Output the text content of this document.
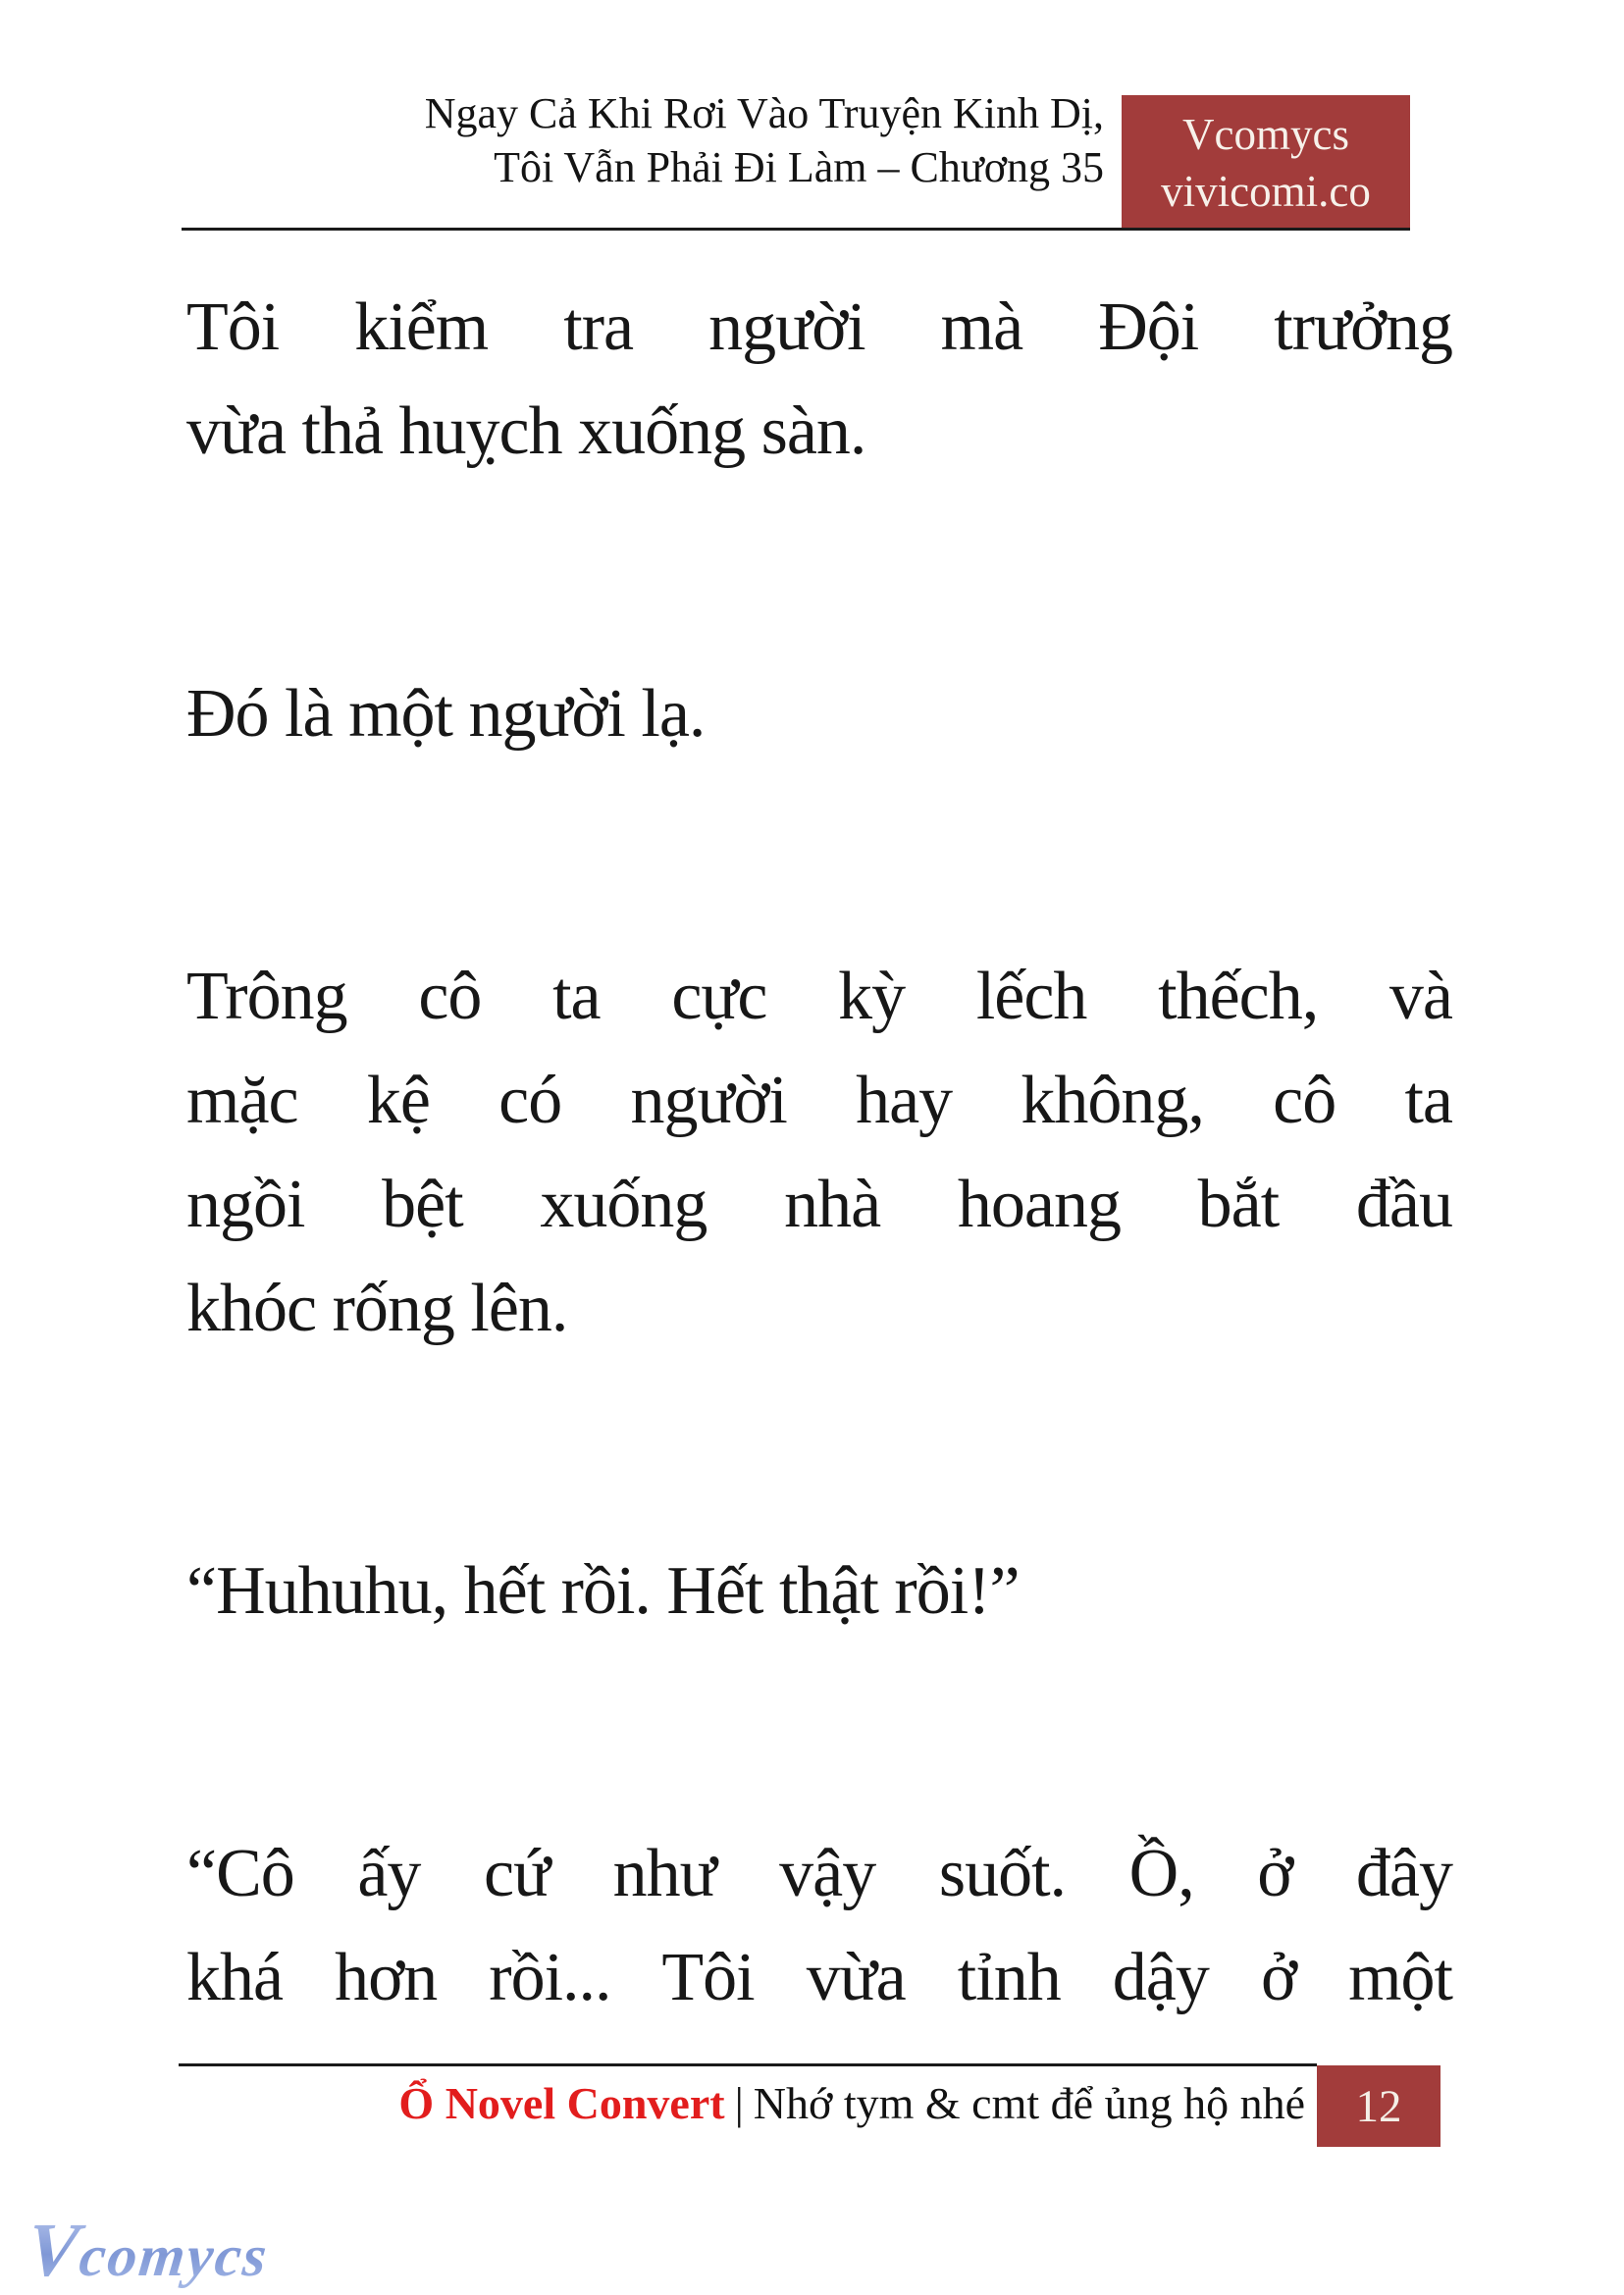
Ngay Cả Khi Rơi Vào Truyện Kinh Dị,
Tôi Vẫn Phải Đi Làm – Chương 35
Vcomycs
vivicomi.co
Tôi kiểm tra người mà Đội trưởng
vừa thả huỵch xuống sàn.
Đó là một người lạ.
Trông cô ta cực kỳ lếch thếch, và
mặc kệ có người hay không, cô ta
ngồi bệt xuống nhà hoang bắt đầu
khóc rống lên.
“Huhuhu, hết rồi. Hết thật rồi!”
“Cô ấy cứ như vậy suốt. Ồ, ở đây
khá hơn rồi... Tôi vừa tỉnh dậy ở một
Ổ Novel Convert | Nhớ tym & cmt để ủng hộ nhé 12
Vcomycs
